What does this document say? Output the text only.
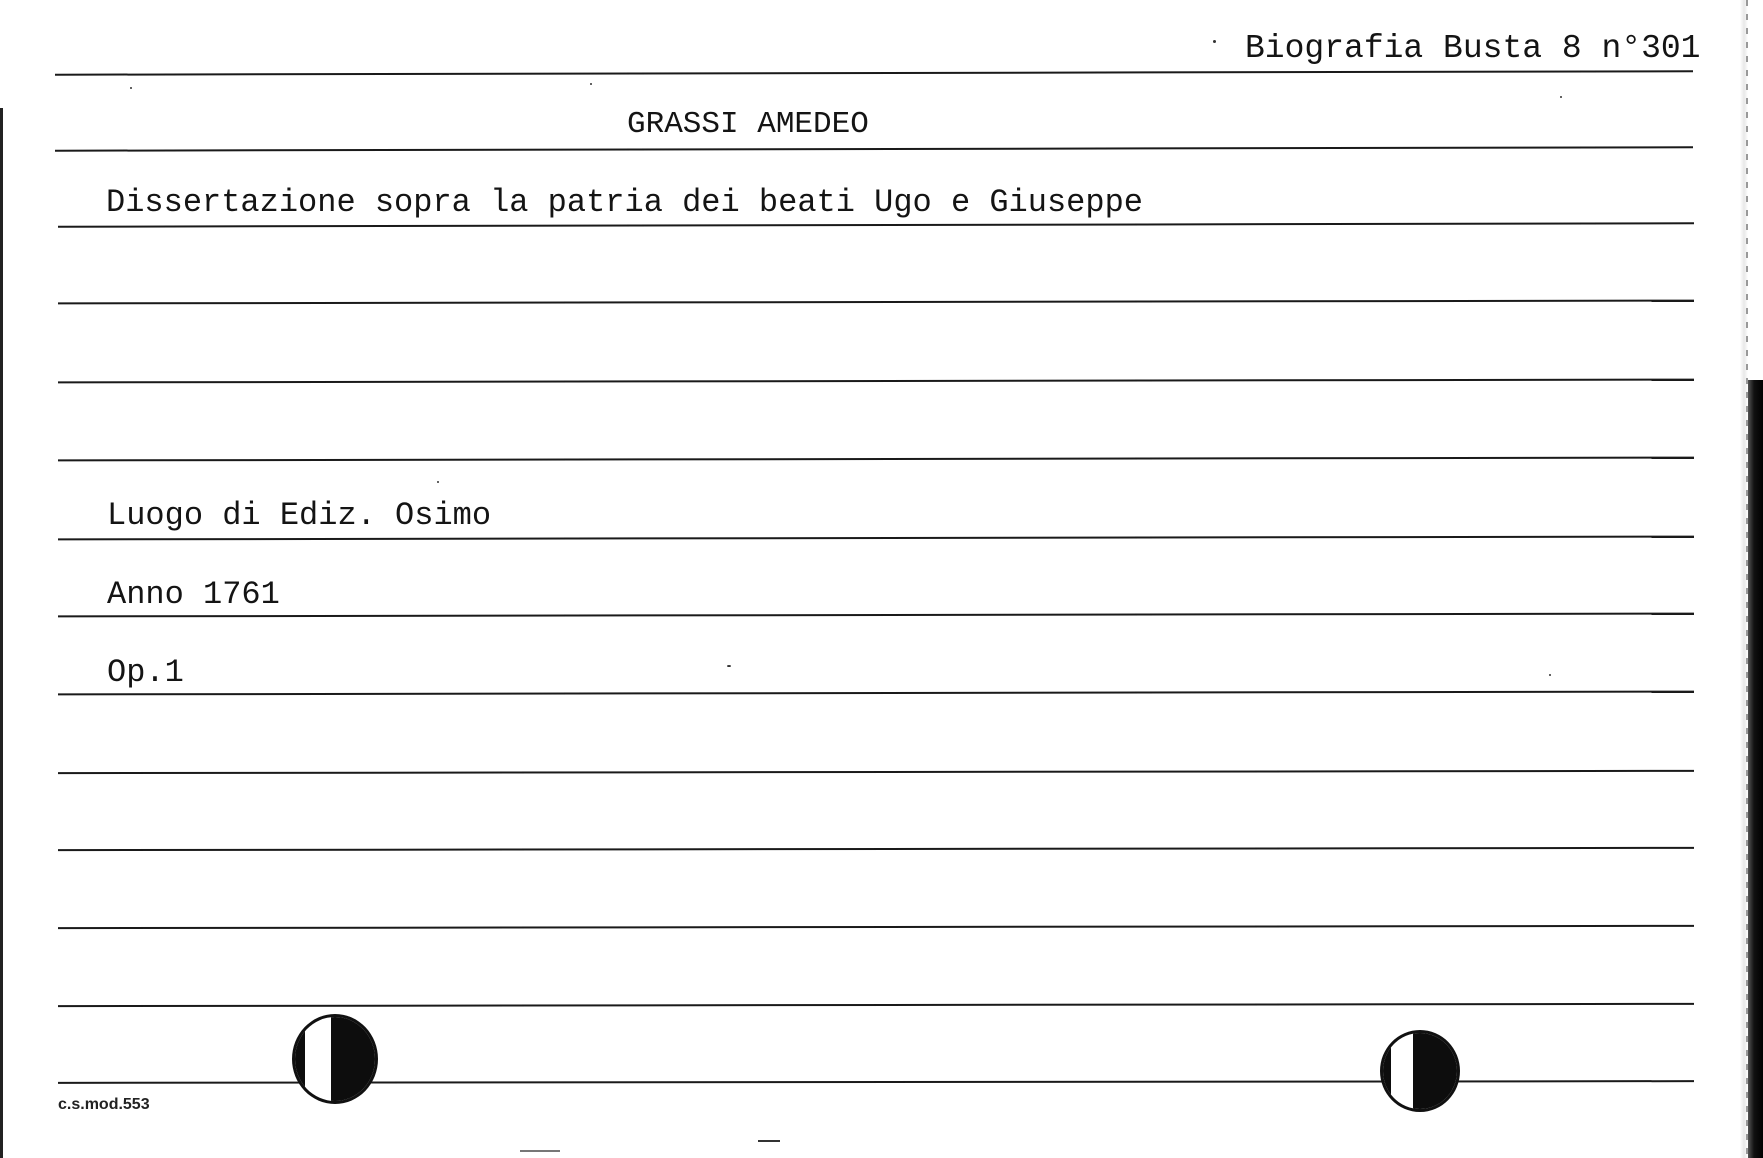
Biografia Busta 8 n°301
GRASSI AMEDEO
Dissertazione sopra la patria dei beati Ugo e Giuseppe
Luogo di Ediz. Osimo
Anno 1761
Op.1
c.s.mod.553
